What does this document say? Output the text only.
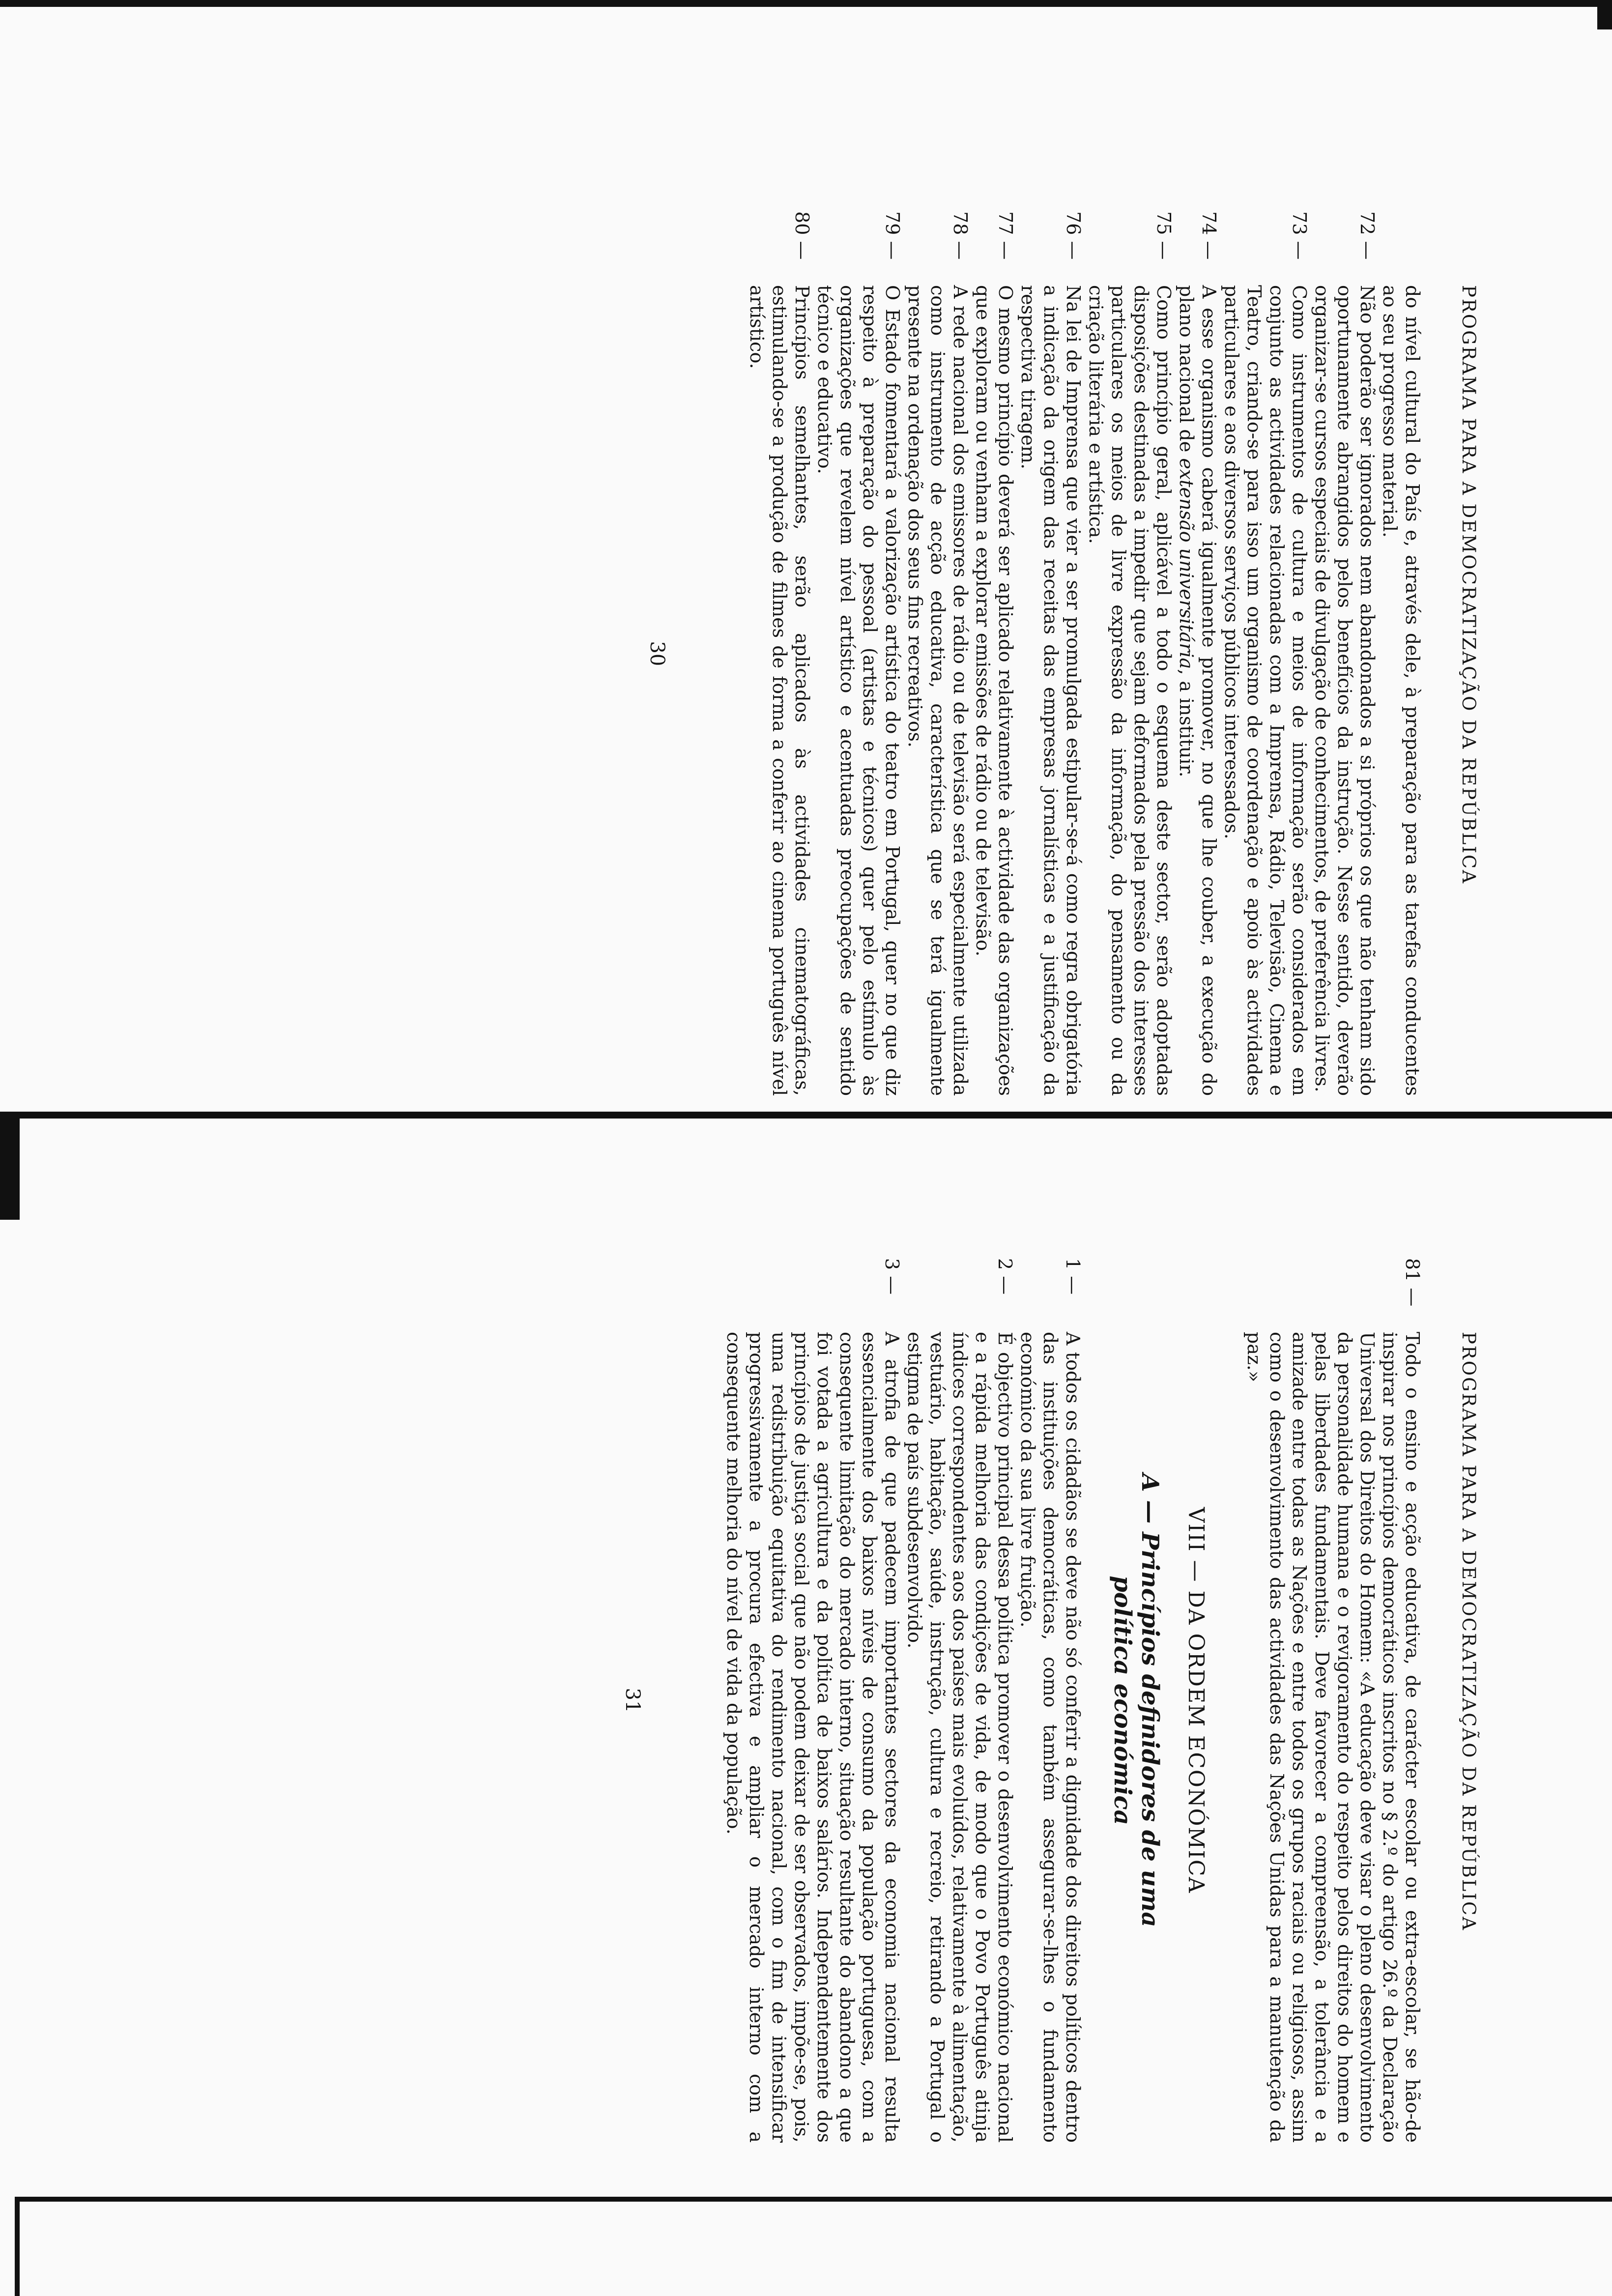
PROGRAMA PARA A DEMOCRATIZAÇÃO DA REPÚBLICA

do nível cultural do País e, através dele, à preparação para as tarefas conducentes ao seu progresso material.

72 —Não poderão ser ignorados nem abandonados a si próprios os que não tenham sido oportunamente abrangidos pelos benefícios da instrução. Nesse sentido, deverão organizar-se cursos especiais de divulgação de conhecimentos, de preferência livres.

73 —Como instrumentos de cultura e meios de informação serão considerados em conjunto as actividades relacionadas com a Imprensa, Rádio, Televisão, Cinema e Teatro, criando-se para isso um organismo de coordenação e apoio às actividades particulares e aos diversos serviços públicos interessados.

74 —A esse organismo caberá igualmente promover, no que lhe couber, a execução do plano nacional de extensão universitária, a instituir.

75 —Como princípio geral, aplicável a todo o esquema deste sector, serão adoptadas disposições destinadas a impedir que sejam deformados pela pressão dos interesses particulares os meios de livre expressão da informação, do pensamento ou da criação literária e artística.

76 —Na lei de Imprensa que vier a ser promulgada estipular-se-á como regra obrigatória a indicação da origem das receitas das empresas jornalísticas e a justificação da respectiva tiragem.

77 —O mesmo princípio deverá ser aplicado relativamente à actividade das organizações que exploram ou venham a explorar emissões de rádio ou de televisão.

78 —A rede nacional dos emissores de rádio ou de televisão será especialmente utilizada como instrumento de acção educativa, característica que se terá igualmente presente na ordenação dos seus fins recreativos.

79 —O Estado fomentará a valorização artística do teatro em Portugal, quer no que diz respeito à preparação do pessoal (artistas e técnicos) quer pelo estímulo às organizações que revelem nível artístico e acentuadas preocupações de sentido técnico e educativo.

80 —Princípios semelhantes, serão aplicados às actividades cinematográficas, estimulando-se a produção de filmes de forma a conferir ao cinema português nível artístico.

30
PROGRAMA PARA A DEMOCRATIZAÇÃO DA REPÚBLICA

81 —Todo o ensino e acção educativa, de carácter escolar ou extra-escolar, se hão-de inspirar nos princípios democráticos inscritos no § 2.º do artigo 26.º da Declaração Universal dos Direitos do Homem: «A educação deve visar o pleno desenvolvimento da personalidade humana e o revigoramento do respeito pelos direitos do homem e pelas liberdades fundamentais. Deve favorecer a compreensão, a tolerância e a amizade entre todas as Nações e entre todos os grupos raciais ou religiosos, assim como o desenvolvimento das actividades das Nações Unidas para a manutenção da paz.»

VIII — DA ORDEM ECONÓMICA
A — Princípios definidores de uma
política económica

1 —A todos os cidadãos se deve não só conferir a dignidade dos direitos políticos dentro das instituições democráticas, como também assegurar-se-lhes o fundamento económico da sua livre fruição.

2 —É objectivo principal dessa política promover o desenvolvimento económico nacional e a rápida melhoria das condições de vida, de modo que o Povo Português atinja índices correspondentes aos dos países mais evoluídos, relativamente à alimentação, vestuário, habitação, saúde, instrução, cultura e recreio, retirando a Portugal o estigma de país subdesenvolvido.

3 —A atrofia de que padecem importantes sectores da economia nacional resulta essencialmente dos baixos níveis de consumo da população portuguesa, com a consequente limitação do mercado interno, situação resultante do abandono a que foi votada a agricultura e da política de baixos salários. Independentemente dos princípios de justiça social que não podem deixar de ser observados, impõe-se, pois, uma redistribuição equitativa do rendimento nacional, com o fim de intensificar progressivamente a procura efectiva e ampliar o mercado interno com a consequente melhoria do nível de vida da população.

31
